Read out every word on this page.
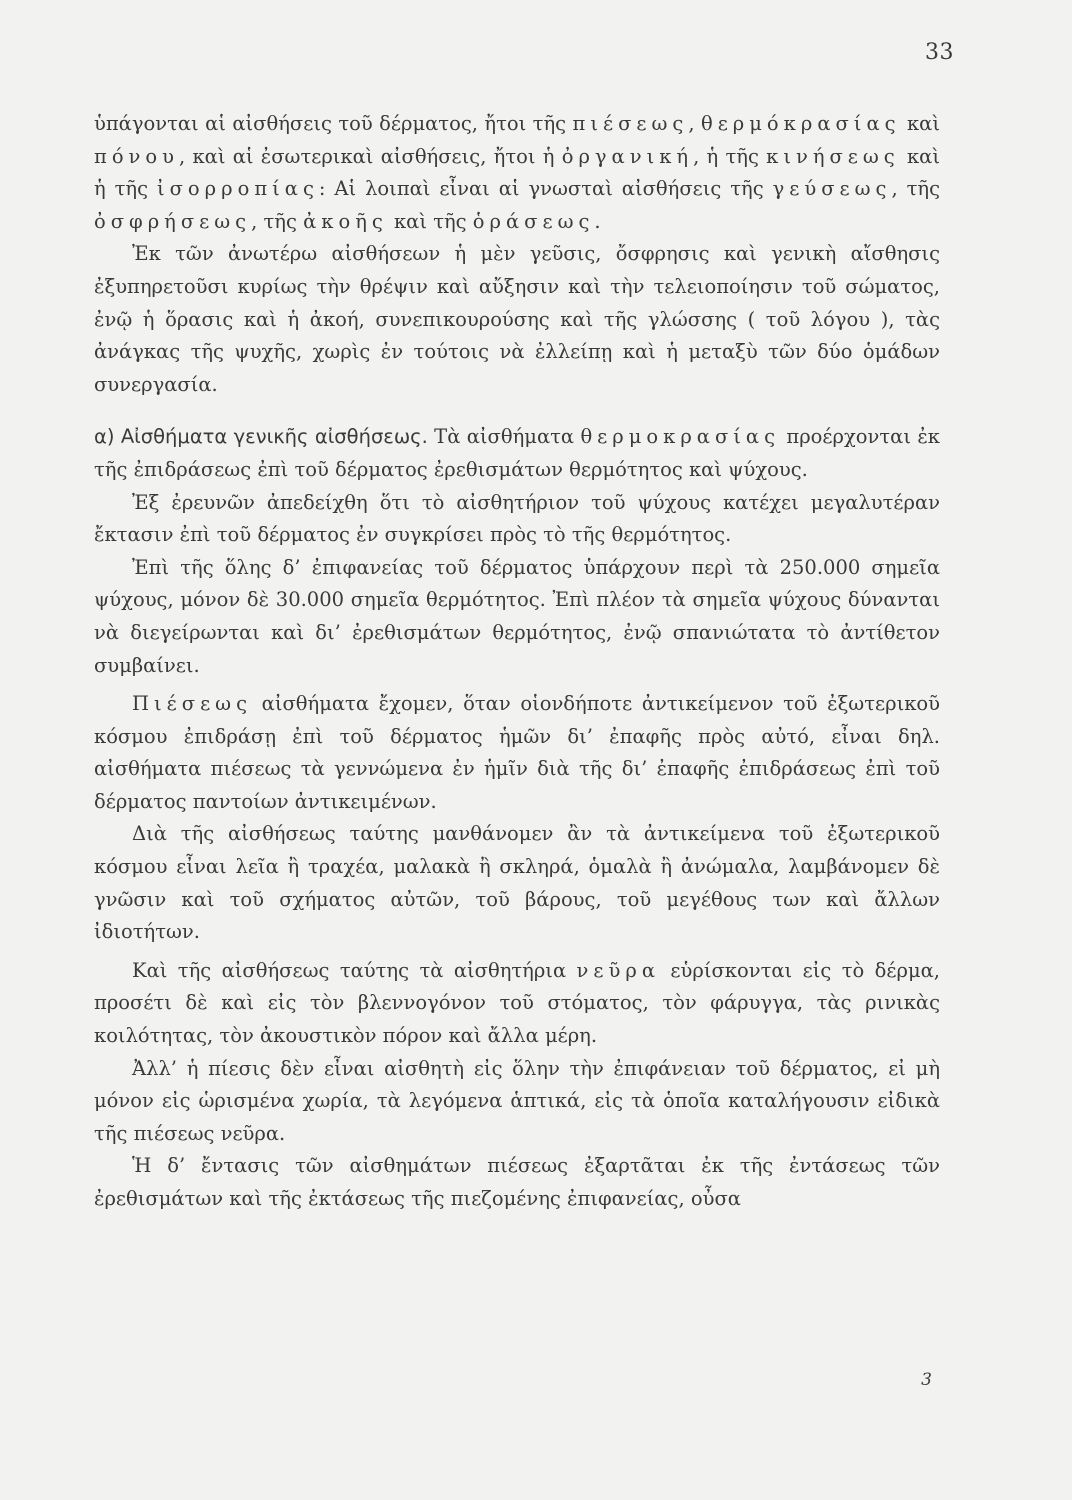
33

ὑπάγονται αἱ αἰσθήσεις τοῦ δέρματος, ἤτοι τῆς πιέσεως, θερμόκρασίας καὶ πόνου, καὶ αἱ ἐσωτερικαὶ αἰσθήσεις, ἤτοι ἡ ὀργανική, ἡ τῆς κινήσεως καὶ ἡ τῆς ἰσορροπίας: Αἱ λοιπαὶ εἶναι αἱ γνωσταὶ αἰσθήσεις τῆς γεύσεως, τῆς ὀσφρήσεως, τῆς ἀκοῆς καὶ τῆς ὁράσεως.

Ἐκ τῶν ἀνωτέρω αἰσθήσεων ἡ μὲν γεῦσις, ὄσφρησις καὶ γενικὴ αἴσθησις ἐξυπηρετοῦσι κυρίως τὴν θρέψιν καὶ αὔξησιν καὶ τὴν τελειοποίησιν τοῦ σώματος, ἐνῷ ἡ ὅρασις καὶ ἡ ἀκοή, συνεπικουρούσης καὶ τῆς γλώσσης ( τοῦ λόγου ), τὰς ἀνάγκας τῆς ψυχῆς, χωρὶς ἐν τούτοις νὰ ἐλλείπῃ καὶ ἡ μεταξὺ τῶν δύο ὁμάδων συνεργασία.

α) Αἰσθήματα γενικῆς αἰσθήσεως. Τὰ αἰσθήματα θερμοκρασίας προέρχονται ἐκ τῆς ἐπιδράσεως ἐπὶ τοῦ δέρματος ἐρεθισμάτων θερμότητος καὶ ψύχους.

Ἐξ ἐρευνῶν ἀπεδείχθη ὅτι τὸ αἰσθητήριον τοῦ ψύχους κατέχει μεγαλυτέραν ἔκτασιν ἐπὶ τοῦ δέρματος ἐν συγκρίσει πρὸς τὸ τῆς θερμότητος.

Ἐπὶ τῆς ὅλης δ’ ἐπιφανείας τοῦ δέρματος ὑπάρχουν περὶ τὰ 250.000 σημεῖα ψύχους, μόνον δὲ 30.000 σημεῖα θερμότητος. Ἐπὶ πλέον τὰ σημεῖα ψύχους δύνανται νὰ διεγείρωνται καὶ δι’ ἐρεθισμάτων θερμότητος, ἐνῷ σπανιώτατα τὸ ἀντίθετον συμβαίνει.

Πιέσεως αἰσθήματα ἔχομεν, ὅταν οἱονδήποτε ἀντικείμενον τοῦ ἐξωτερικοῦ κόσμου ἐπιδράσῃ ἐπὶ τοῦ δέρματος ἡμῶν δι’ ἐπαφῆς πρὸς αὐτό, εἶναι δηλ. αἰσθήματα πιέσεως τὰ γεννώμενα ἐν ἡμῖν διὰ τῆς δι’ ἐπαφῆς ἐπιδράσεως ἐπὶ τοῦ δέρματος παντοίων ἀντικειμένων.

Διὰ τῆς αἰσθήσεως ταύτης μανθάνομεν ἂν τὰ ἀντικείμενα τοῦ ἐξωτερικοῦ κόσμου εἶναι λεῖα ἢ τραχέα, μαλακὰ ἢ σκληρά, ὁμαλὰ ἢ ἀνώμαλα, λαμβάνομεν δὲ γνῶσιν καὶ τοῦ σχήματος αὐτῶν, τοῦ βάρους, τοῦ μεγέθους των καὶ ἄλλων ἰδιοτήτων.

Καὶ τῆς αἰσθήσεως ταύτης τὰ αἰσθητήρια νεῦρα εὑρίσκονται εἰς τὸ δέρμα, προσέτι δὲ καὶ εἰς τὸν βλεννογόνον τοῦ στόματος, τὸν φάρυγγα, τὰς ρινικὰς κοιλότητας, τὸν ἀκουστικὸν πόρον καὶ ἄλλα μέρη.

Ἀλλ’ ἡ πίεσις δὲν εἶναι αἰσθητὴ εἰς ὅλην τὴν ἐπιφάνειαν τοῦ δέρματος, εἰ μὴ μόνον εἰς ὡρισμένα χωρία, τὰ λεγόμενα ἁπτικά, εἰς τὰ ὁποῖα καταλήγουσιν εἰδικὰ τῆς πιέσεως νεῦρα.

Ἡ δ’ ἔντασις τῶν αἰσθημάτων πιέσεως ἐξαρτᾶται ἐκ τῆς ἐντάσεως τῶν ἐρεθισμάτων καὶ τῆς ἐκτάσεως τῆς πιεζομένης ἐπιφανείας, οὖσα

3
